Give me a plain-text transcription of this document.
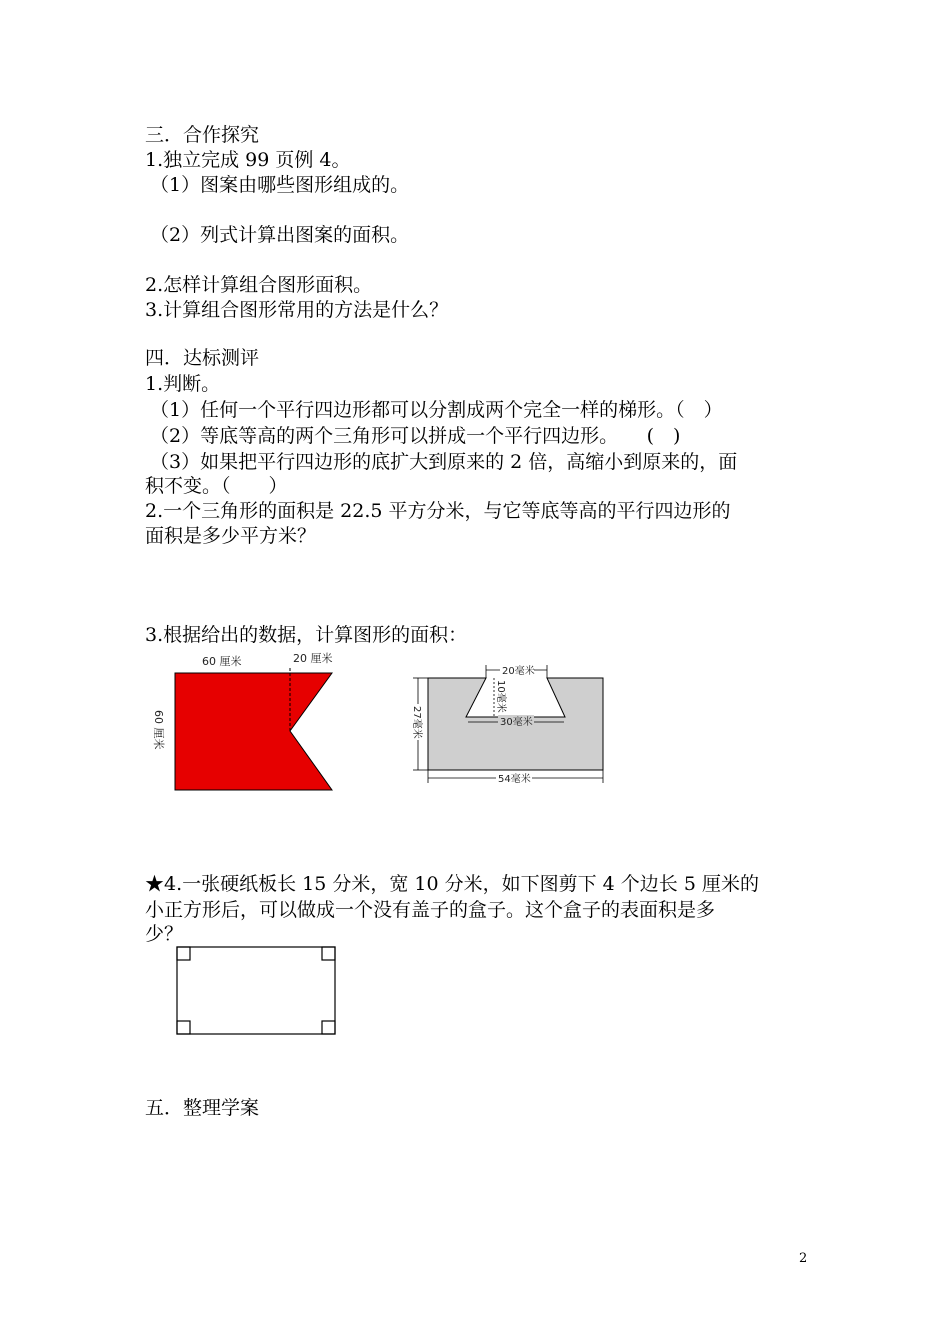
三．合作探究
1.独立完成 99 页例 4。
（1）图案由哪些图形组成的。
（2）列式计算出图案的面积。
2.怎样计算组合图形面积。
3.计算组合图形常用的方法是什么？
四．达标测评
1.判断。
（1）任何一个平行四边形都可以分割成两个完全一样的梯形。（　）
（2）等底等高的两个三角形可以拼成一个平行四边形。　　(　)
（3）如果把平行四边形的底扩大到原来的 2 倍，高缩小到原来的，面
积不变。（　　）
2.一个三角形的面积是 22.5 平方分米，与它等底等高的平行四边形的
面积是多少平方米？
3.根据给出的数据，计算图形的面积：
60 厘米	20 厘米
60 厘米
20毫米
10毫米
30毫米
27毫米
54毫米
★4.一张硬纸板长 15 分米，宽 10 分米，如下图剪下 4 个边长 5 厘米的
小正方形后，可以做成一个没有盖子的盒子。这个盒子的表面积是多
少？
五．整理学案
2
